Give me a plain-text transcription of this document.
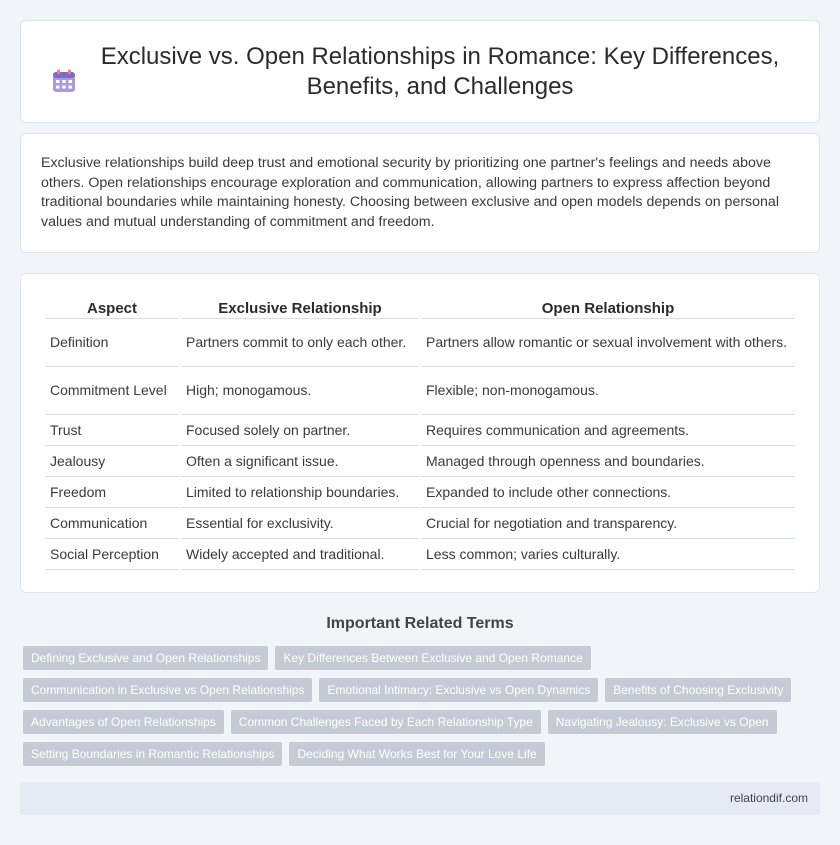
Exclusive vs. Open Relationships in Romance: Key Differences, Benefits, and Challenges

Exclusive relationships build deep trust and emotional security by prioritizing one partner's feelings and needs above others. Open relationships encourage exploration and communication, allowing partners to express affection beyond traditional boundaries while maintaining honesty. Choosing between exclusive and open models depends on personal values and mutual understanding of commitment and freedom.

Aspect	Exclusive Relationship	Open Relationship
Definition	Partners commit to only each other.	Partners allow romantic or sexual involvement with others.
Commitment Level	High; monogamous.	Flexible; non-monogamous.
Trust	Focused solely on partner.	Requires communication and agreements.
Jealousy	Often a significant issue.	Managed through openness and boundaries.
Freedom	Limited to relationship boundaries.	Expanded to include other connections.
Communication	Essential for exclusivity.	Crucial for negotiation and transparency.
Social Perception	Widely accepted and traditional.	Less common; varies culturally.
Important Related Terms
Defining Exclusive and Open Relationships	Key Differences Between Exclusive and Open Romance
Communication in Exclusive vs Open Relationships	Emotional Intimacy: Exclusive vs Open Dynamics	Benefits of Choosing Exclusivity
Advantages of Open Relationships	Common Challenges Faced by Each Relationship Type	Navigating Jealousy: Exclusive vs Open
Setting Boundaries in Romantic Relationships	Deciding What Works Best for Your Love Life
relationdif.com
